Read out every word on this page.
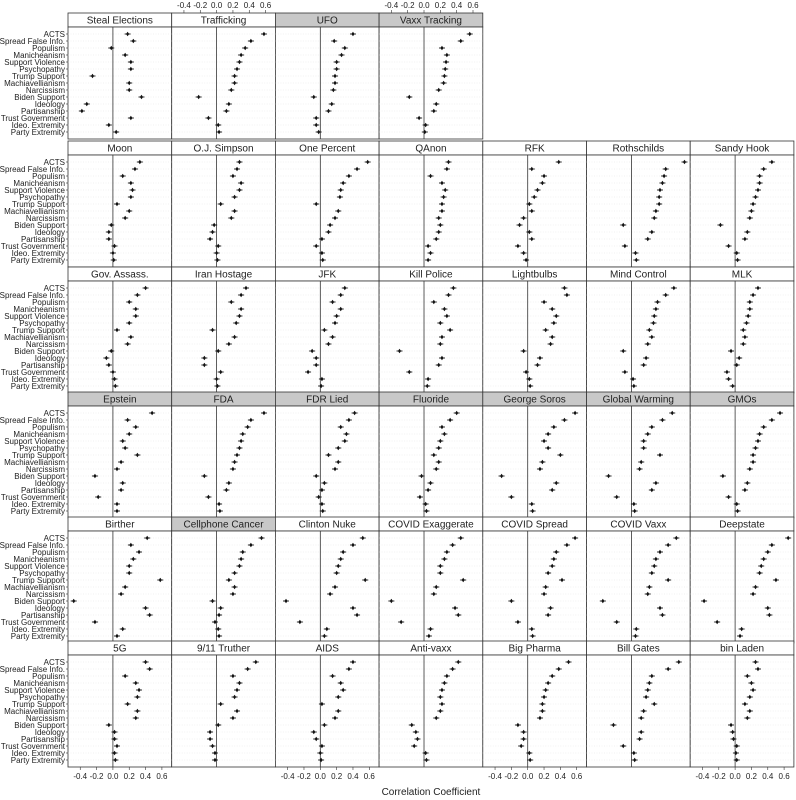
Steal Elections
ACTS
Spread False Info.
Populism
Manicheanism
Support Violence
Psychopathy
Trump Support
Machiavellianism
Narcissism
Biden Support
Ideology
Partisanship
Trust Government
Ideo. Extremity
Party Extremity
Trafficking	UFO	Vaxx Tracking
Moon
ACTS
Spread False Info.
Populism
Manicheanism
Support Violence
Psychopathy
Trump Support
Machiavellianism
Narcissism
Biden Support
Ideology
Partisanship
Trust Government
Ideo. Extremity
Party Extremity
O.J. Simpson	One Percent	QAnon	RFK	Rothschilds	Sandy Hook
Gov. Assass.
ACTS
Spread False Info.
Populism
Manicheanism
Support Violence
Psychopathy
Trump Support
Machiavellianism
Narcissism
Biden Support
Ideology
Partisanship
Trust Government
Ideo. Extremity
Party Extremity
Iran Hostage	JFK	Kill Police	Lightbulbs	Mind Control	MLK
Epstein
ACTS
Spread False Info.
Populism
Manicheanism
Support Violence
Psychopathy
Trump Support
Machiavellianism
Narcissism
Biden Support
Ideology
Partisanship
Trust Government
Ideo. Extremity
Party Extremity
FDA	FDR Lied	Fluoride	George Soros	Global Warming	GMOs
Birther
ACTS
Spread False Info.
Populism
Manicheanism
Support Violence
Psychopathy
Trump Support
Machiavellianism
Narcissism
Biden Support
Ideology
Partisanship
Trust Government
Ideo. Extremity
Party Extremity
Cellphone Cancer	Clinton Nuke	COVID Exaggerate	COVID Spread	COVID Vaxx	Deepstate
5G
ACTS
Spread False Info.
Populism
Manicheanism
Support Violence
Psychopathy
Trump Support
Machiavellianism
Narcissism
Biden Support
Ideology
Partisanship
Trust Government
Ideo. Extremity
Party Extremity
9/11 Truther	AIDS	Anti-vaxx	Big Pharma	Bill Gates	bin Laden
-0.4 -0.2 0.0 0.2 0.4 0.6	-0.4 -0.2 0.0 0.2 0.4 0.6
-0.4 -0.2 0.0 0.2 0.4 0.6	-0.4 -0.2 0.0 0.2 0.4 0.6	-0.4 -0.2 0.0 0.2 0.4 0.6	-0.4 -0.2 0.0 0.2 0.4 0.6
Correlation Coefficient
